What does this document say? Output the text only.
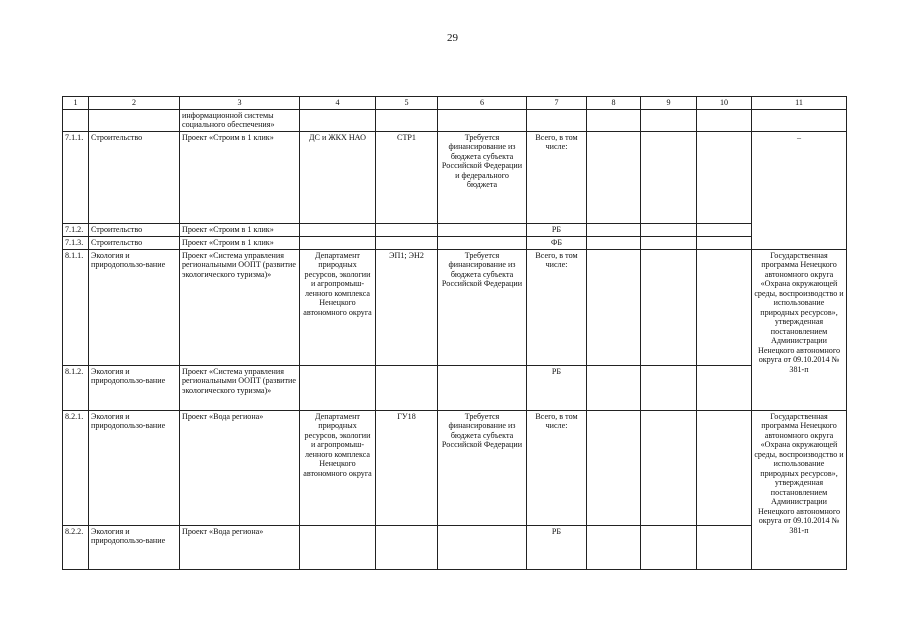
29
1	2	3	4	5	6	7	8	9	10	11
		информационной системы социального обеспечения»								
7.1.1.	Строительство	Проект «Строим в 1 клик»	ДС и ЖКХ НАО	СТР1	Требуется финансирование из бюджета субъекта Российской Федерации и федерального бюджета	Всего, в том числе:				–
7.1.2.	Строительство	Проект «Строим в 1 клик»				РБ				
7.1.3.	Строительство	Проект «Строим в 1 клик»				ФБ				
8.1.1.	Экология и природопользо-вание	Проект «Система управления региональными ООПТ (развитие экологического туризма)»	Департамент природных ресурсов, экологии и агропромыш-ленного комплекса Ненецкого автономного округа	ЭП1; ЭН2	Требуется финансирование из бюджета субъекта Российской Федерации	Всего, в том числе:				Государственная программа Ненецкого автономного округа «Охрана окружающей среды, воспроизводство и использование природных ресурсов», утвержденная постановлением Администрации Ненецкого автономного округа от 09.10.2014 № 381-п
8.1.2.	Экология и природопользо-вание	Проект «Система управления региональными ООПТ (развитие экологического туризма)»				РБ				
8.2.1.	Экология и природопользо-вание	Проект «Вода региона»	Департамент природных ресурсов, экологии и агропромыш-ленного комплекса Ненецкого автономного округа	ГУ18	Требуется финансирование из бюджета субъекта Российской Федерации	Всего, в том числе:				Государственная программа Ненецкого автономного округа «Охрана окружающей среды, воспроизводство и использование природных ресурсов», утвержденная постановлением Администрации Ненецкого автономного округа от 09.10.2014 № 381-п
8.2.2.	Экология и природопользо-вание	Проект «Вода региона»				РБ				
